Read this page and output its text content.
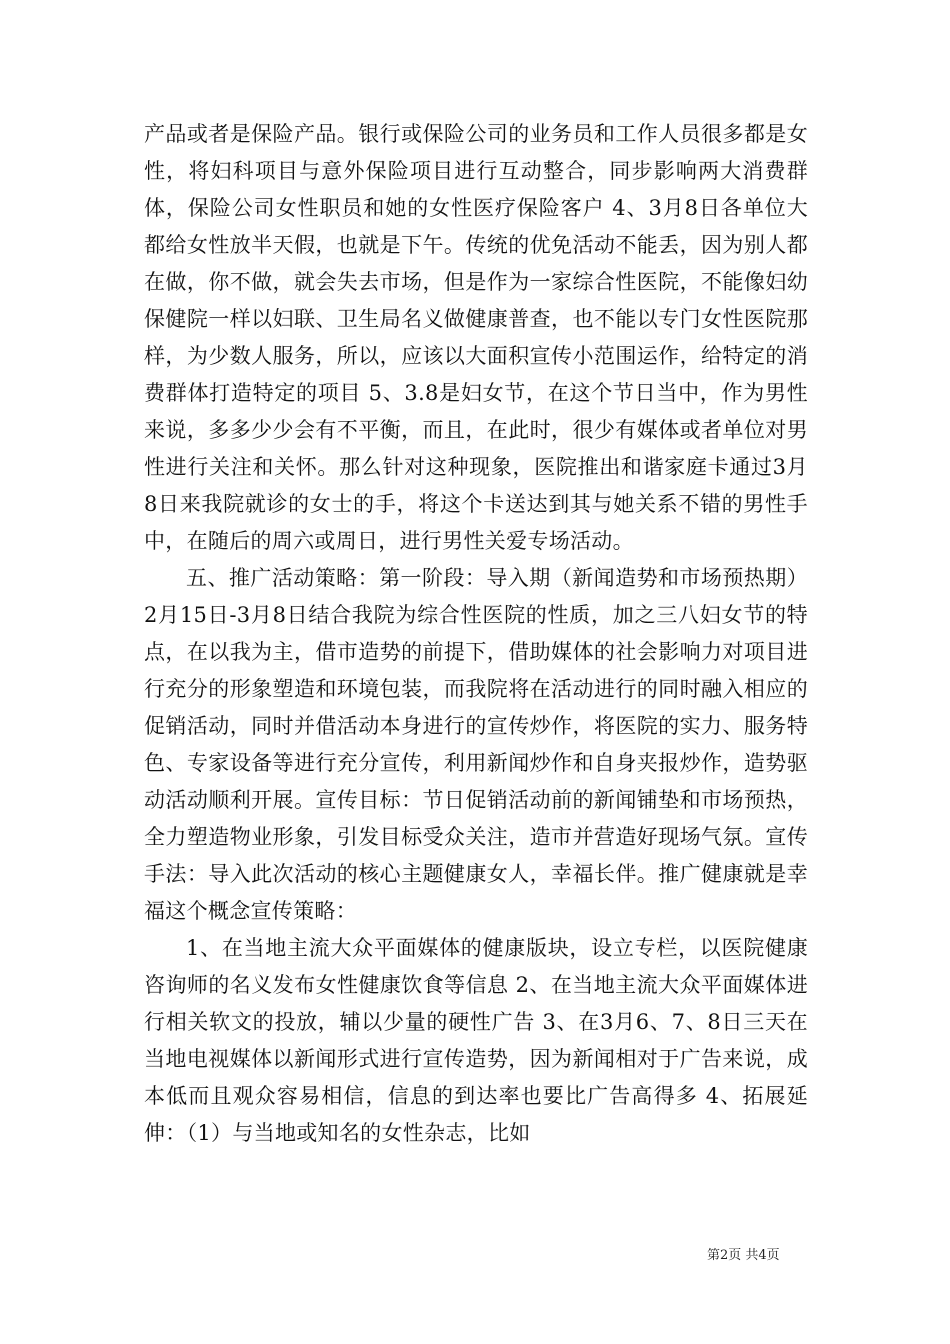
产品或者是保险产品。银行或保险公司的业务员和工作人员很多都是女性，将妇科项目与意外保险项目进行互动整合，同步影响两大消费群体，保险公司女性职员和她的女性医疗保险客户 4、3月8日各单位大都给女性放半天假，也就是下午。传统的优免活动不能丢，因为别人都在做，你不做，就会失去市场，但是作为一家综合性医院，不能像妇幼保健院一样以妇联、卫生局名义做健康普查，也不能以专门女性医院那样，为少数人服务，所以，应该以大面积宣传小范围运作，给特定的消费群体打造特定的项目 5、3.8是妇女节，在这个节日当中，作为男性来说，多多少少会有不平衡，而且，在此时，很少有媒体或者单位对男性进行关注和关怀。那么针对这种现象，医院推出和谐家庭卡通过3月8日来我院就诊的女士的手，将这个卡送达到其与她关系不错的男性手中，在随后的周六或周日，进行男性关爱专场活动。

五、推广活动策略：第一阶段：导入期（新闻造势和市场预热期）2月15日-3月8日结合我院为综合性医院的性质，加之三八妇女节的特点，在以我为主，借市造势的前提下，借助媒体的社会影响力对项目进行充分的形象塑造和环境包装，而我院将在活动进行的同时融入相应的促销活动，同时并借活动本身进行的宣传炒作，将医院的实力、服务特色、专家设备等进行充分宣传，利用新闻炒作和自身夹报炒作，造势驱动活动顺利开展。宣传目标：节日促销活动前的新闻铺垫和市场预热，全力塑造物业形象，引发目标受众关注，造市并营造好现场气氛。宣传手法：导入此次活动的核心主题健康女人，幸福长伴。推广健康就是幸福这个概念宣传策略：

1、在当地主流大众平面媒体的健康版块，设立专栏，以医院健康咨询师的名义发布女性健康饮食等信息 2、在当地主流大众平面媒体进行相关软文的投放，辅以少量的硬性广告 3、在3月6、7、8日三天在当地电视媒体以新闻形式进行宣传造势，因为新闻相对于广告来说，成本低而且观众容易相信，信息的到达率也要比广告高得多 4、拓展延伸：（1）与当地或知名的女性杂志，比如

第2页 共4页
